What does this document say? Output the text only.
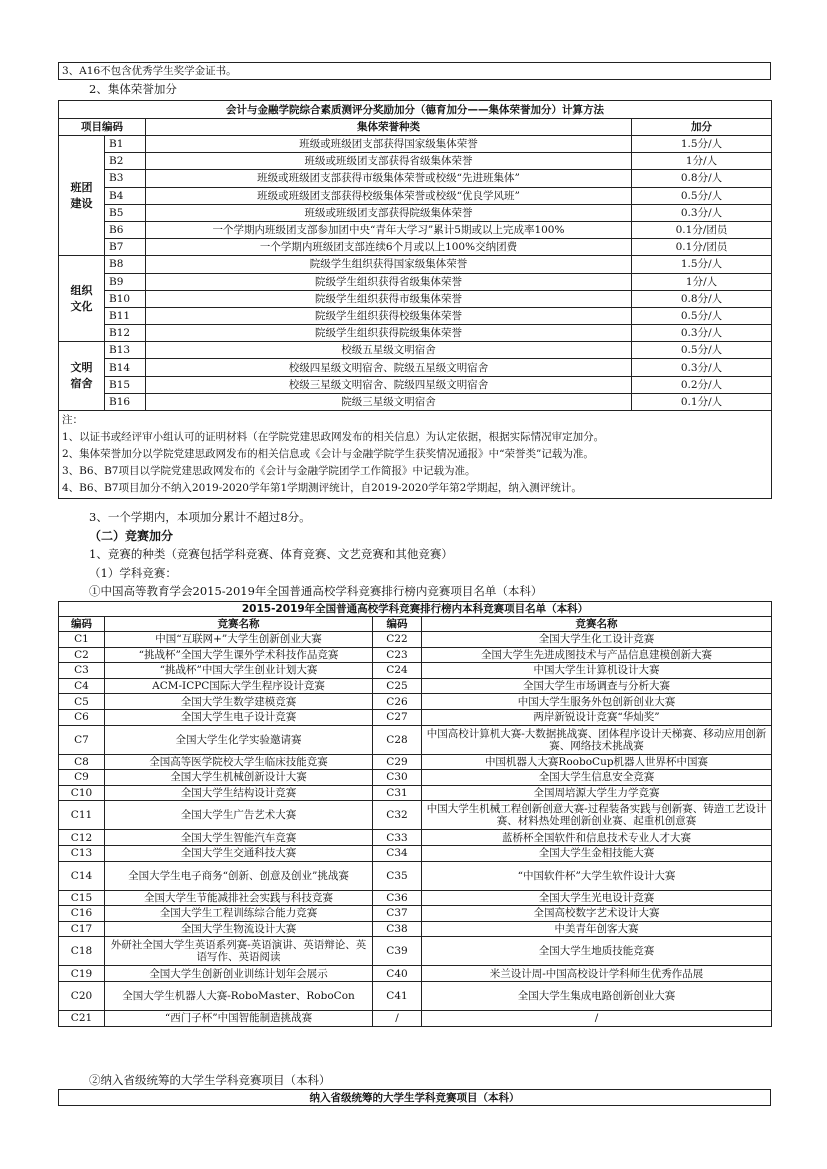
3、A16不包含优秀学生奖学金证书。
2、集体荣誉加分
会计与金融学院综合素质测评分奖励加分（德育加分——集体荣誉加分）计算方法			
项目编码		集体荣誉种类	加分
班团
建设	B1	班级或班级团支部获得国家级集体荣誉	1.5分/人
	B2	班级或班级团支部获得省级集体荣誉	1分/人
	B3	班级或班级团支部获得市级集体荣誉或校级“先进班集体”	0.8分/人
	B4	班级或班级团支部获得校级集体荣誉或校级“优良学风班”	0.5分/人
	B5	班级或班级团支部获得院级集体荣誉	0.3分/人
	B6	一个学期内班级团支部参加团中央“青年大学习”累计5期或以上完成率100%	0.1分/团员
	B7	一个学期内班级团支部连续6个月或以上100%交纳团费	0.1分/团员
组织
文化	B8	院级学生组织获得国家级集体荣誉	1.5分/人
	B9	院级学生组织获得省级集体荣誉	1分/人
	B10	院级学生组织获得市级集体荣誉	0.8分/人
	B11	院级学生组织获得校级集体荣誉	0.5分/人
	B12	院级学生组织获得院级集体荣誉	0.3分/人
文明
宿舍	B13	校级五星级文明宿舍	0.5分/人
	B14	校级四星级文明宿舍、院级五星级文明宿舍	0.3分/人
	B15	校级三星级文明宿舍、院级四星级文明宿舍	0.2分/人
	B16	院级三星级文明宿舍	0.1分/人

注：
1、以证书或经评审小组认可的证明材料（在学院党建思政网发布的相关信息）为认定依据，根据实际情况审定加分。
2、集体荣誉加分以学院党建思政网发布的相关信息或《会计与金融学院学生获奖情况通报》中“荣誉类”记载为准。
3、B6、B7项目以学院党建思政网发布的《会计与金融学院团学工作简报》中记载为准。
4、B6、B7项目加分不纳入2019-2020学年第1学期测评统计，自2019-2020学年第2学期起，纳入测评统计。			
3、一个学期内，本项加分累计不超过8分。
（二）竞赛加分
1、竞赛的种类（竞赛包括学科竞赛、体育竞赛、文艺竞赛和其他竞赛）
（1）学科竞赛：
①中国高等教育学会2015-2019年全国普通高校学科竞赛排行榜内竞赛项目名单（本科）
2015-2019年全国普通高校学科竞赛排行榜内本科竞赛项目名单（本科）			
编码	竞赛名称	编码	竞赛名称
C1	中国“互联网+”大学生创新创业大赛	C22	全国大学生化工设计竞赛
C2	“挑战杯”全国大学生课外学术科技作品竞赛	C23	全国大学生先进成图技术与产品信息建模创新大赛
C3	“挑战杯”中国大学生创业计划大赛	C24	中国大学生计算机设计大赛
C4	ACM-ICPC国际大学生程序设计竞赛	C25	全国大学生市场调查与分析大赛
C5	全国大学生数学建模竞赛	C26	中国大学生服务外包创新创业大赛
C6	全国大学生电子设计竞赛	C27	两岸新锐设计竞赛“华灿奖”
C7	全国大学生化学实验邀请赛	C28	中国高校计算机大赛-大数据挑战赛、团体程序设计天梯赛、移动应用创新赛、网络技术挑战赛
C8	全国高等医学院校大学生临床技能竞赛	C29	中国机器人大赛RooboCup机器人世界杯中国赛
C9	全国大学生机械创新设计大赛	C30	全国大学生信息安全竞赛
C10	全国大学生结构设计竞赛	C31	全国周培源大学生力学竞赛
C11	全国大学生广告艺术大赛	C32	中国大学生机械工程创新创意大赛-过程装备实践与创新赛、铸造工艺设计赛、材料热处理创新创业赛、起重机创意赛
C12	全国大学生智能汽车竞赛	C33	蓝桥杯全国软件和信息技术专业人才大赛
C13	全国大学生交通科技大赛	C34	全国大学生金相技能大赛
C14	全国大学生电子商务“创新、创意及创业”挑战赛	C35	“中国软件杯”大学生软件设计大赛
C15	全国大学生节能减排社会实践与科技竞赛	C36	全国大学生光电设计竞赛
C16	全国大学生工程训练综合能力竞赛	C37	全国高校数字艺术设计大赛
C17	全国大学生物流设计大赛	C38	中美青年创客大赛
C18	外研社全国大学生英语系列赛-英语演讲、英语辩论、英语写作、英语阅读	C39	全国大学生地质技能竞赛
C19	全国大学生创新创业训练计划年会展示	C40	米兰设计周-中国高校设计学科师生优秀作品展
C20	全国大学生机器人大赛-RoboMaster、RoboCon	C41	全国大学生集成电路创新创业大赛
C21	“西门子杯”中国智能制造挑战赛	/	/
②纳入省级统筹的大学生学科竞赛项目（本科）
纳入省级统筹的大学生学科竞赛项目（本科）
